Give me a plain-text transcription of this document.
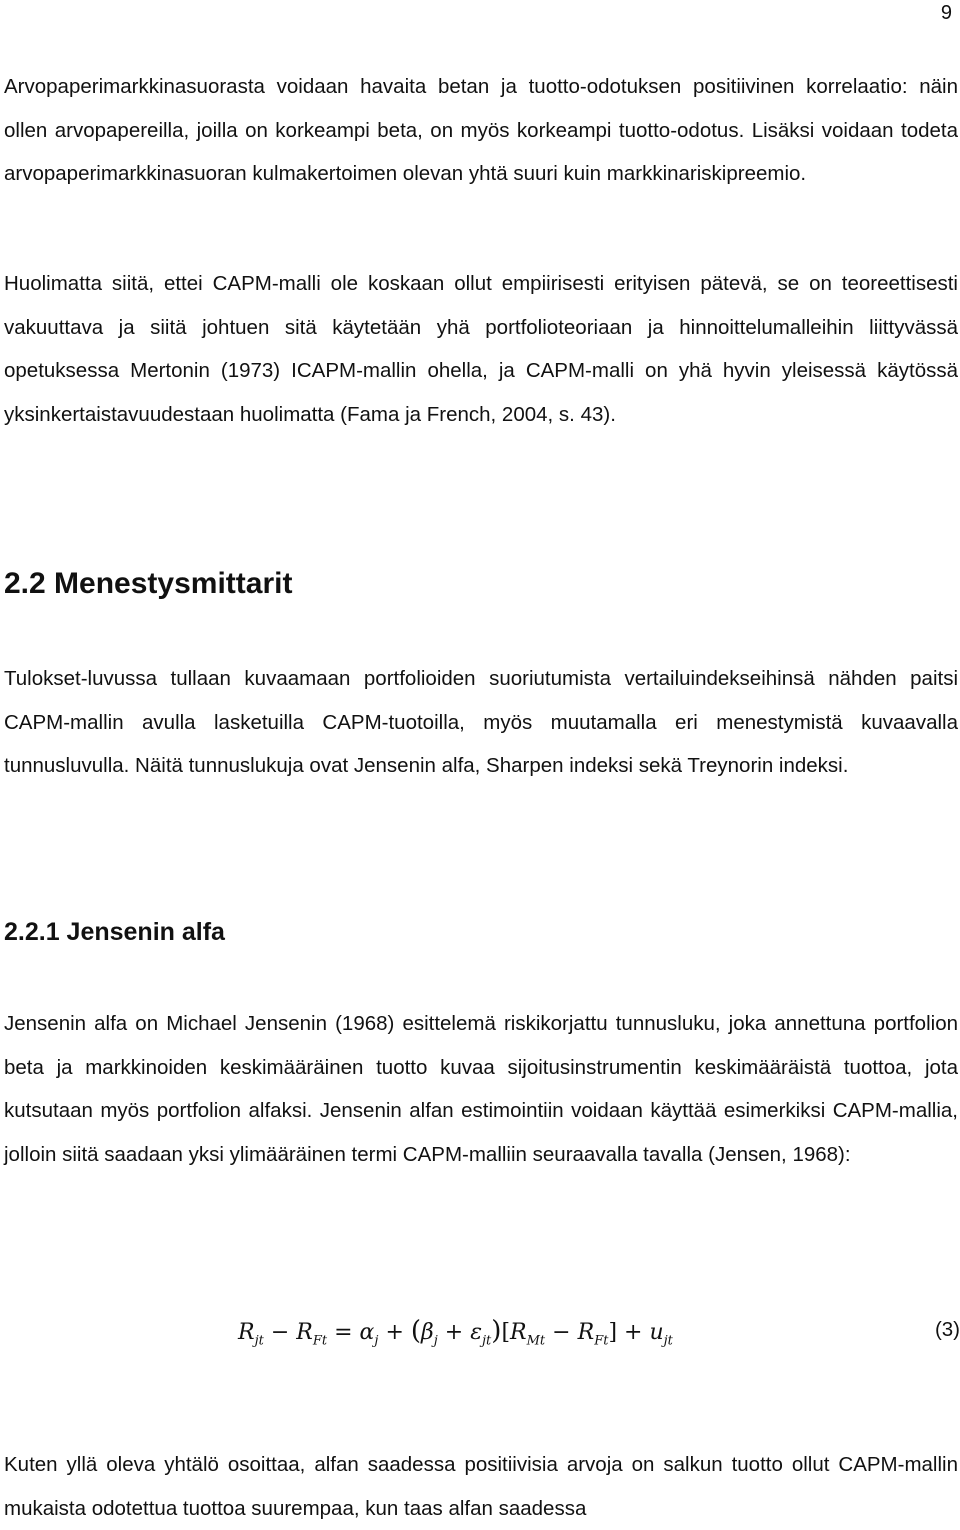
9

Arvopaperimarkkinasuorasta voidaan havaita betan ja tuotto-odotuksen positiivinen korrelaatio: näin ollen arvopapereilla, joilla on korkeampi beta, on myös korkeampi tuotto-odotus. Lisäksi voidaan todeta arvopaperimarkkinasuoran kulmakertoimen olevan yhtä suuri kuin markkinariskipreemio.

Huolimatta siitä, ettei CAPM-malli ole koskaan ollut empiirisesti erityisen pätevä, se on teoreettisesti vakuuttava ja siitä johtuen sitä käytetään yhä portfolioteoriaan ja hinnoittelumalleihin liittyvässä opetuksessa Mertonin (1973) ICAPM-mallin ohella, ja CAPM-malli on yhä hyvin yleisessä käytössä yksinkertaistavuudestaan huolimatta (Fama ja French, 2004, s. 43).

2.2 Menestysmittarit

Tulokset-luvussa tullaan kuvaamaan portfolioiden suoriutumista vertailuindekseihinsä nähden paitsi CAPM-mallin avulla lasketuilla CAPM-tuotoilla, myös muutamalla eri menestymistä kuvaavalla tunnusluvulla. Näitä tunnuslukuja ovat Jensenin alfa, Sharpen indeksi sekä Treynorin indeksi.

2.2.1 Jensenin alfa

Jensenin alfa on Michael Jensenin (1968) esittelemä riskikorjattu tunnusluku, joka annettuna portfolion beta ja markkinoiden keskimääräinen tuotto kuvaa sijoitusinstrumentin keskimääräistä tuottoa, jota kutsutaan myös portfolion alfaksi. Jensenin alfan estimointiin voidaan käyttää esimerkiksi CAPM-mallia, jolloin siitä saadaan yksi ylimääräinen termi CAPM-malliin seuraavalla tavalla (Jensen, 1968):

$R_{jt} - R_{Ft} = \alpha_j + (\beta_j + \varepsilon_{jt})[R_{Mt} - R_{Ft}] + u_{jt}$	(3)

Kuten yllä oleva yhtälö osoittaa, alfan saadessa positiivisia arvoja on salkun tuotto ollut CAPM-mallin mukaista odotettua tuottoa suurempaa, kun taas alfan saadessa
